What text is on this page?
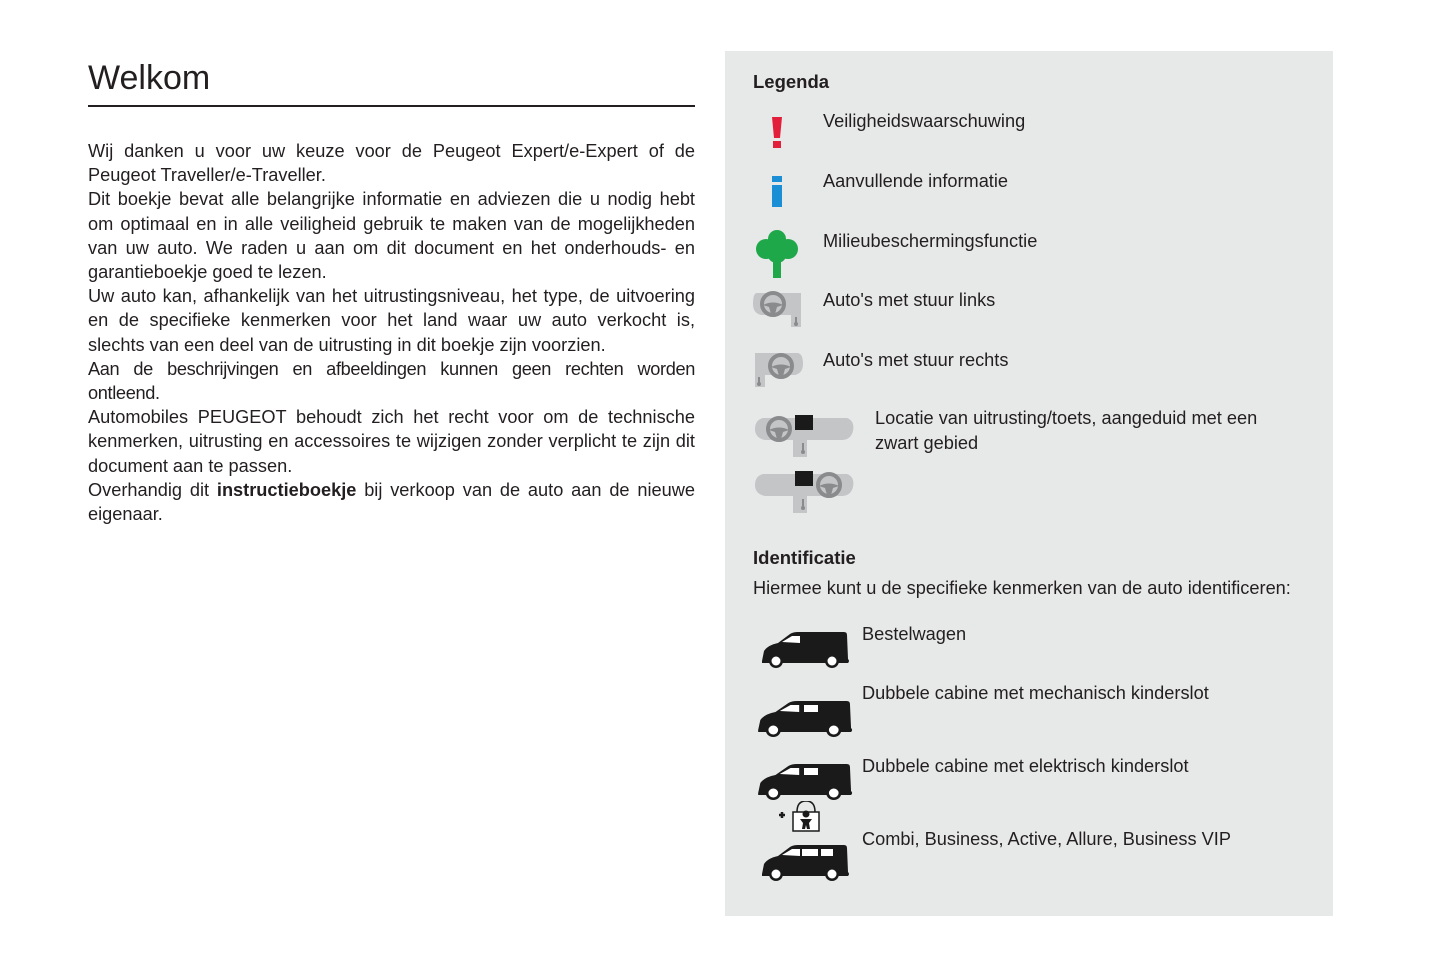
Welkom

Wij danken u voor uw keuze voor de Peugeot Expert/e-Expert of de Peugeot Traveller/e-Traveller.

Dit boekje bevat alle belangrijke informatie en adviezen die u nodig hebt om optimaal en in alle veiligheid gebruik te maken van de mogelijkheden van uw auto. We raden u aan om dit document en het onderhouds- en garantieboekje goed te lezen.

Uw auto kan, afhankelijk van het uitrustingsniveau, het type, de uitvoering en de specifieke kenmerken voor het land waar uw auto verkocht is, slechts van een deel van de uitrusting in dit boekje zijn voorzien.

Aan de beschrijvingen en afbeeldingen kunnen geen rechten worden ontleend.

Automobiles PEUGEOT behoudt zich het recht voor om de technische kenmerken, uitrusting en accessoires te wijzigen zonder verplicht te zijn dit document aan te passen.

Overhandig dit instructieboekje bij verkoop van de auto aan de nieuwe eigenaar.

Legenda
Veiligheidswaarschuwing
Aanvullende informatie
Milieubeschermingsfunctie
Auto's met stuur links
Auto's met stuur rechts
Locatie van uitrusting/toets, aangeduid met een zwart gebied
Identificatie
Hiermee kunt u de specifieke kenmerken van de auto identificeren:
Bestelwagen
Dubbele cabine met mechanisch kinderslot
Dubbele cabine met elektrisch kinderslot
Combi, Business, Active, Allure, Business VIP
